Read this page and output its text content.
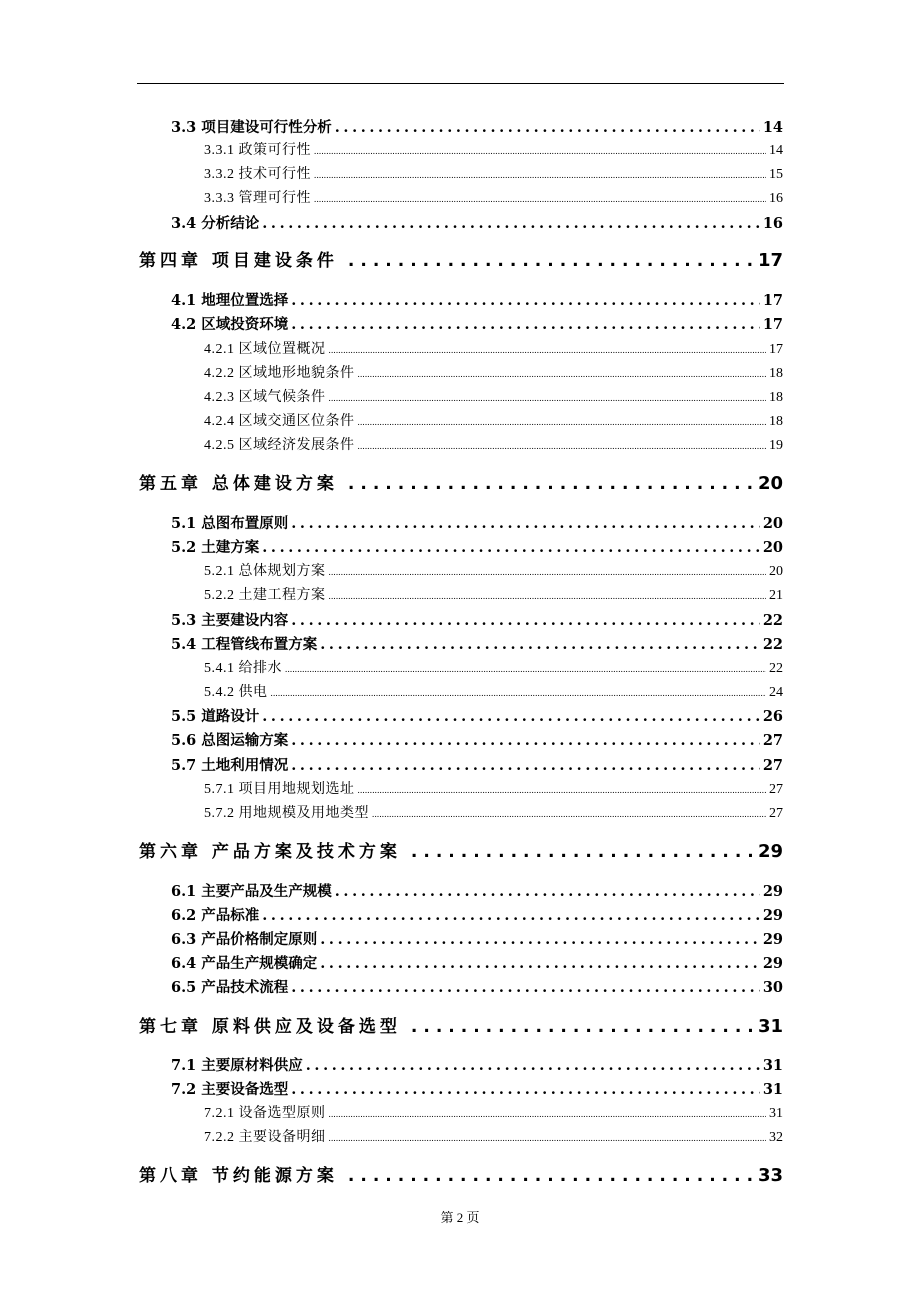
3.3 项目建设可行性分析 .....	14
3.3.1 政策可行性 .....	14
3.3.2 技术可行性 .....	15
3.3.3 管理可行性 .....	16
3.4 分析结论 .....	16
第四章 项目建设条件 .....	17
4.1 地理位置选择 .....	17
4.2 区域投资环境 .....	17
4.2.1 区域位置概况 .....	17
4.2.2 区域地形地貌条件 .....	18
4.2.3 区域气候条件 .....	18
4.2.4 区域交通区位条件 .....	18
4.2.5 区域经济发展条件 .....	19
第五章 总体建设方案 .....	20
5.1 总图布置原则 .....	20
5.2 土建方案 .....	20
5.2.1 总体规划方案 .....	20
5.2.2 土建工程方案 .....	21
5.3 主要建设内容 .....	22
5.4 工程管线布置方案 .....	22
5.4.1 给排水 .....	22
5.4.2 供电 .....	24
5.5 道路设计 .....	26
5.6 总图运输方案 .....	27
5.7 土地利用情况 .....	27
5.7.1 项目用地规划选址 .....	27
5.7.2 用地规模及用地类型 .....	27
第六章 产品方案及技术方案 .....	29
6.1 主要产品及生产规模 .....	29
6.2 产品标准 .....	29
6.3 产品价格制定原则 .....	29
6.4 产品生产规模确定 .....	29
6.5 产品技术流程 .....	30
第七章 原料供应及设备选型 .....	31
7.1 主要原材料供应 .....	31
7.2 主要设备选型 .....	31
7.2.1 设备选型原则 .....	31
7.2.2 主要设备明细 .....	32
第八章 节约能源方案 .....	33
第 2 页
